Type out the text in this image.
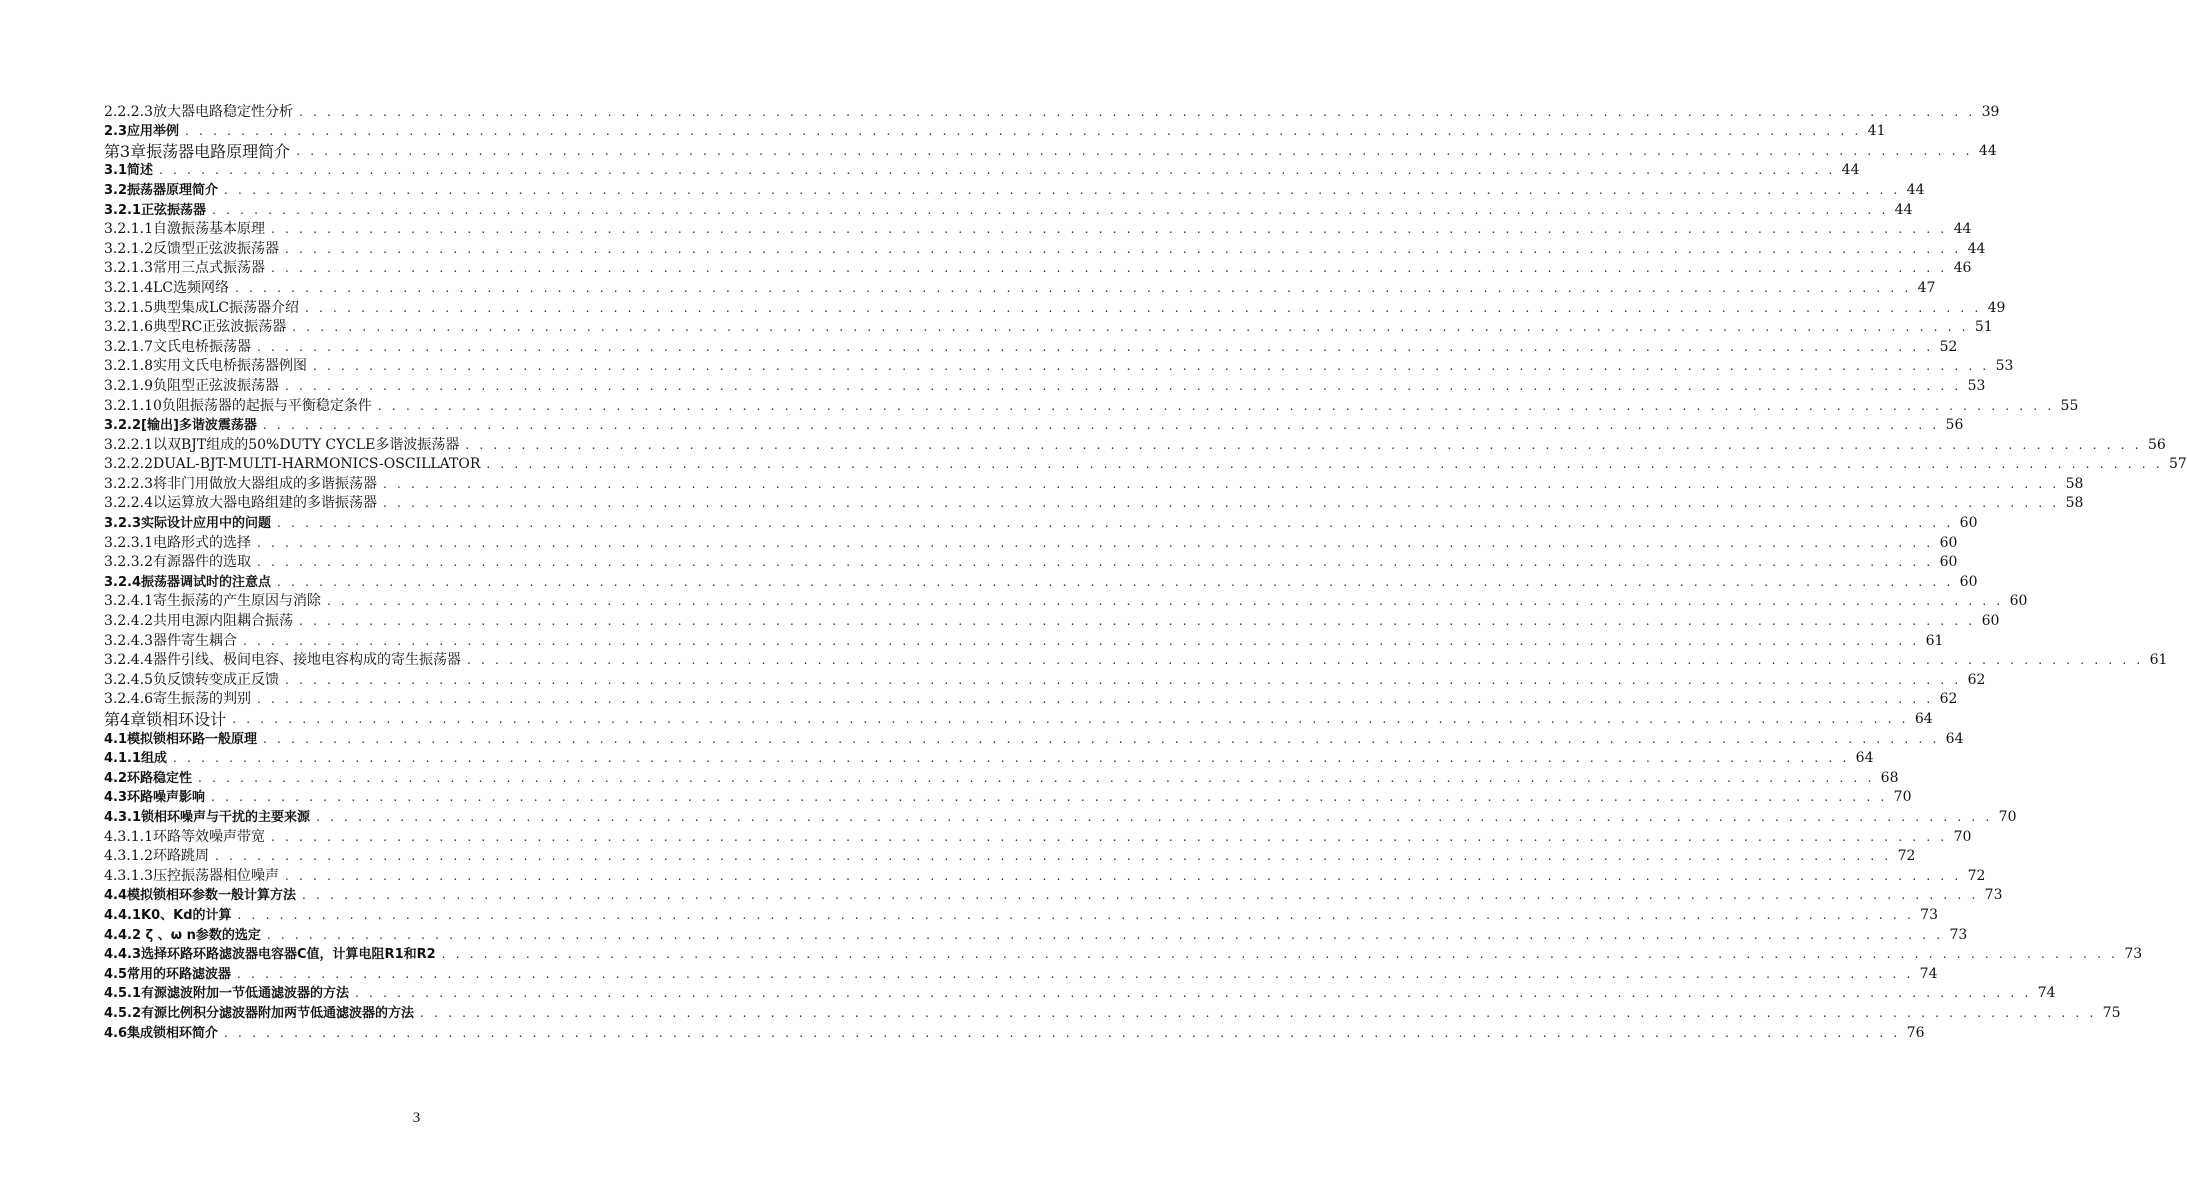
2.2.2.3放大器电路稳定性分析 . . . . . . . . . . . . . . . . . . . . . . . . . . . . . . . . . . . . . . . . . . . . . . . . . . . . . . . . . . . . . . . . . . . . . . . . . . . . . . . . . . . . . . . . . . . . . . . . . . . . . . . . . . . . . . . . . . . . . . . . 39
2.3应用举例 . . . . . . . . . . . . . . . . . . . . . . . . . . . . . . . . . . . . . . . . . . . . . . . . . . . . . . . . . . . . . . . . . . . . . . . . . . . . . . . . . . . . . . . . . . . . . . . . . . . . . . . . . . . . . . . . . . . . . . . . 41
第3章振荡器电路原理简介 . . . . . . . . . . . . . . . . . . . . . . . . . . . . . . . . . . . . . . . . . . . . . . . . . . . . . . . . . . . . . . . . . . . . . . . . . . . . . . . . . . . . . . . . . . . . . . . . . . . . . . . . . . . . . . . . . . . . . . . . 44
3.1简述 . . . . . . . . . . . . . . . . . . . . . . . . . . . . . . . . . . . . . . . . . . . . . . . . . . . . . . . . . . . . . . . . . . . . . . . . . . . . . . . . . . . . . . . . . . . . . . . . . . . . . . . . . . . . . . . . . . . . . . . . 44
3.2振荡器原理简介 . . . . . . . . . . . . . . . . . . . . . . . . . . . . . . . . . . . . . . . . . . . . . . . . . . . . . . . . . . . . . . . . . . . . . . . . . . . . . . . . . . . . . . . . . . . . . . . . . . . . . . . . . . . . . . . . . . . . . . . . 44
3.2.1正弦振荡器 . . . . . . . . . . . . . . . . . . . . . . . . . . . . . . . . . . . . . . . . . . . . . . . . . . . . . . . . . . . . . . . . . . . . . . . . . . . . . . . . . . . . . . . . . . . . . . . . . . . . . . . . . . . . . . . . . . . . . . . . 44
3.2.1.1自激振荡基本原理 . . . . . . . . . . . . . . . . . . . . . . . . . . . . . . . . . . . . . . . . . . . . . . . . . . . . . . . . . . . . . . . . . . . . . . . . . . . . . . . . . . . . . . . . . . . . . . . . . . . . . . . . . . . . . . . . . . . . . . . . 44
3.2.1.2反馈型正弦波振荡器 . . . . . . . . . . . . . . . . . . . . . . . . . . . . . . . . . . . . . . . . . . . . . . . . . . . . . . . . . . . . . . . . . . . . . . . . . . . . . . . . . . . . . . . . . . . . . . . . . . . . . . . . . . . . . . . . . . . . . . . . 44
3.2.1.3常用三点式振荡器 . . . . . . . . . . . . . . . . . . . . . . . . . . . . . . . . . . . . . . . . . . . . . . . . . . . . . . . . . . . . . . . . . . . . . . . . . . . . . . . . . . . . . . . . . . . . . . . . . . . . . . . . . . . . . . . . . . . . . . . . 46
3.2.1.4LC选频网络 . . . . . . . . . . . . . . . . . . . . . . . . . . . . . . . . . . . . . . . . . . . . . . . . . . . . . . . . . . . . . . . . . . . . . . . . . . . . . . . . . . . . . . . . . . . . . . . . . . . . . . . . . . . . . . . . . . . . . . . . 47
3.2.1.5典型集成LC振荡器介绍 . . . . . . . . . . . . . . . . . . . . . . . . . . . . . . . . . . . . . . . . . . . . . . . . . . . . . . . . . . . . . . . . . . . . . . . . . . . . . . . . . . . . . . . . . . . . . . . . . . . . . . . . . . . . . . . . . . . . . . . . 49
3.2.1.6典型RC正弦波振荡器 . . . . . . . . . . . . . . . . . . . . . . . . . . . . . . . . . . . . . . . . . . . . . . . . . . . . . . . . . . . . . . . . . . . . . . . . . . . . . . . . . . . . . . . . . . . . . . . . . . . . . . . . . . . . . . . . . . . . . . . . 51
3.2.1.7文氏电桥振荡器 . . . . . . . . . . . . . . . . . . . . . . . . . . . . . . . . . . . . . . . . . . . . . . . . . . . . . . . . . . . . . . . . . . . . . . . . . . . . . . . . . . . . . . . . . . . . . . . . . . . . . . . . . . . . . . . . . . . . . . . . 52
3.2.1.8实用文氏电桥振荡器例图 . . . . . . . . . . . . . . . . . . . . . . . . . . . . . . . . . . . . . . . . . . . . . . . . . . . . . . . . . . . . . . . . . . . . . . . . . . . . . . . . . . . . . . . . . . . . . . . . . . . . . . . . . . . . . . . . . . . . . . . . 53
3.2.1.9负阻型正弦波振荡器 . . . . . . . . . . . . . . . . . . . . . . . . . . . . . . . . . . . . . . . . . . . . . . . . . . . . . . . . . . . . . . . . . . . . . . . . . . . . . . . . . . . . . . . . . . . . . . . . . . . . . . . . . . . . . . . . . . . . . . . . 53
3.2.1.10负阻振荡器的起振与平衡稳定条件 . . . . . . . . . . . . . . . . . . . . . . . . . . . . . . . . . . . . . . . . . . . . . . . . . . . . . . . . . . . . . . . . . . . . . . . . . . . . . . . . . . . . . . . . . . . . . . . . . . . . . . . . . . . . . . . . . . . . . . . . 55
3.2.2[输出]多谐波震荡器 . . . . . . . . . . . . . . . . . . . . . . . . . . . . . . . . . . . . . . . . . . . . . . . . . . . . . . . . . . . . . . . . . . . . . . . . . . . . . . . . . . . . . . . . . . . . . . . . . . . . . . . . . . . . . . . . . . . . . . . . 56
3.2.2.1以双BJT组成的50%DUTY CYCLE多谐波振荡器 . . . . . . . . . . . . . . . . . . . . . . . . . . . . . . . . . . . . . . . . . . . . . . . . . . . . . . . . . . . . . . . . . . . . . . . . . . . . . . . . . . . . . . . . . . . . . . . . . . . . . . . . . . . . . . . . . . . . . . . . 56
3.2.2.2DUAL-BJT-MULTI-HARMONICS-OSCILLATOR . . . . . . . . . . . . . . . . . . . . . . . . . . . . . . . . . . . . . . . . . . . . . . . . . . . . . . . . . . . . . . . . . . . . . . . . . . . . . . . . . . . . . . . . . . . . . . . . . . . . . . . . . . . . . . . . . . . . . . . . 57
3.2.2.3将非门用做放大器组成的多谐振荡器 . . . . . . . . . . . . . . . . . . . . . . . . . . . . . . . . . . . . . . . . . . . . . . . . . . . . . . . . . . . . . . . . . . . . . . . . . . . . . . . . . . . . . . . . . . . . . . . . . . . . . . . . . . . . . . . . . . . . . . . . 58
3.2.2.4以运算放大器电路组建的多谐振荡器 . . . . . . . . . . . . . . . . . . . . . . . . . . . . . . . . . . . . . . . . . . . . . . . . . . . . . . . . . . . . . . . . . . . . . . . . . . . . . . . . . . . . . . . . . . . . . . . . . . . . . . . . . . . . . . . . . . . . . . . . 58
3.2.3实际设计应用中的问题 . . . . . . . . . . . . . . . . . . . . . . . . . . . . . . . . . . . . . . . . . . . . . . . . . . . . . . . . . . . . . . . . . . . . . . . . . . . . . . . . . . . . . . . . . . . . . . . . . . . . . . . . . . . . . . . . . . . . . . . . 60
3.2.3.1电路形式的选择 . . . . . . . . . . . . . . . . . . . . . . . . . . . . . . . . . . . . . . . . . . . . . . . . . . . . . . . . . . . . . . . . . . . . . . . . . . . . . . . . . . . . . . . . . . . . . . . . . . . . . . . . . . . . . . . . . . . . . . . . 60
3.2.3.2有源器件的选取 . . . . . . . . . . . . . . . . . . . . . . . . . . . . . . . . . . . . . . . . . . . . . . . . . . . . . . . . . . . . . . . . . . . . . . . . . . . . . . . . . . . . . . . . . . . . . . . . . . . . . . . . . . . . . . . . . . . . . . . . 60
3.2.4振荡器调试时的注意点 . . . . . . . . . . . . . . . . . . . . . . . . . . . . . . . . . . . . . . . . . . . . . . . . . . . . . . . . . . . . . . . . . . . . . . . . . . . . . . . . . . . . . . . . . . . . . . . . . . . . . . . . . . . . . . . . . . . . . . . . 60
3.2.4.1寄生振荡的产生原因与消除 . . . . . . . . . . . . . . . . . . . . . . . . . . . . . . . . . . . . . . . . . . . . . . . . . . . . . . . . . . . . . . . . . . . . . . . . . . . . . . . . . . . . . . . . . . . . . . . . . . . . . . . . . . . . . . . . . . . . . . . . 60
3.2.4.2共用电源内阻耦合振荡 . . . . . . . . . . . . . . . . . . . . . . . . . . . . . . . . . . . . . . . . . . . . . . . . . . . . . . . . . . . . . . . . . . . . . . . . . . . . . . . . . . . . . . . . . . . . . . . . . . . . . . . . . . . . . . . . . . . . . . . . 60
3.2.4.3器件寄生耦合 . . . . . . . . . . . . . . . . . . . . . . . . . . . . . . . . . . . . . . . . . . . . . . . . . . . . . . . . . . . . . . . . . . . . . . . . . . . . . . . . . . . . . . . . . . . . . . . . . . . . . . . . . . . . . . . . . . . . . . . . 61
3.2.4.4器件引线、极间电容、接地电容构成的寄生振荡器 . . . . . . . . . . . . . . . . . . . . . . . . . . . . . . . . . . . . . . . . . . . . . . . . . . . . . . . . . . . . . . . . . . . . . . . . . . . . . . . . . . . . . . . . . . . . . . . . . . . . . . . . . . . . . . . . . . . . . . . . 61
3.2.4.5负反馈转变成正反馈 . . . . . . . . . . . . . . . . . . . . . . . . . . . . . . . . . . . . . . . . . . . . . . . . . . . . . . . . . . . . . . . . . . . . . . . . . . . . . . . . . . . . . . . . . . . . . . . . . . . . . . . . . . . . . . . . . . . . . . . . 62
3.2.4.6寄生振荡的判别 . . . . . . . . . . . . . . . . . . . . . . . . . . . . . . . . . . . . . . . . . . . . . . . . . . . . . . . . . . . . . . . . . . . . . . . . . . . . . . . . . . . . . . . . . . . . . . . . . . . . . . . . . . . . . . . . . . . . . . . . 62
第4章锁相环设计 . . . . . . . . . . . . . . . . . . . . . . . . . . . . . . . . . . . . . . . . . . . . . . . . . . . . . . . . . . . . . . . . . . . . . . . . . . . . . . . . . . . . . . . . . . . . . . . . . . . . . . . . . . . . . . . . . . . . . . . . 64
4.1模拟锁相环路一般原理 . . . . . . . . . . . . . . . . . . . . . . . . . . . . . . . . . . . . . . . . . . . . . . . . . . . . . . . . . . . . . . . . . . . . . . . . . . . . . . . . . . . . . . . . . . . . . . . . . . . . . . . . . . . . . . . . . . . . . . . . 64
4.1.1组成 . . . . . . . . . . . . . . . . . . . . . . . . . . . . . . . . . . . . . . . . . . . . . . . . . . . . . . . . . . . . . . . . . . . . . . . . . . . . . . . . . . . . . . . . . . . . . . . . . . . . . . . . . . . . . . . . . . . . . . . . 64
4.2环路稳定性 . . . . . . . . . . . . . . . . . . . . . . . . . . . . . . . . . . . . . . . . . . . . . . . . . . . . . . . . . . . . . . . . . . . . . . . . . . . . . . . . . . . . . . . . . . . . . . . . . . . . . . . . . . . . . . . . . . . . . . . . 68
4.3环路噪声影响 . . . . . . . . . . . . . . . . . . . . . . . . . . . . . . . . . . . . . . . . . . . . . . . . . . . . . . . . . . . . . . . . . . . . . . . . . . . . . . . . . . . . . . . . . . . . . . . . . . . . . . . . . . . . . . . . . . . . . . . . 70
4.3.1锁相环噪声与干扰的主要来源 . . . . . . . . . . . . . . . . . . . . . . . . . . . . . . . . . . . . . . . . . . . . . . . . . . . . . . . . . . . . . . . . . . . . . . . . . . . . . . . . . . . . . . . . . . . . . . . . . . . . . . . . . . . . . . . . . . . . . . . . 70
4.3.1.1环路等效噪声带宽 . . . . . . . . . . . . . . . . . . . . . . . . . . . . . . . . . . . . . . . . . . . . . . . . . . . . . . . . . . . . . . . . . . . . . . . . . . . . . . . . . . . . . . . . . . . . . . . . . . . . . . . . . . . . . . . . . . . . . . . . 70
4.3.1.2环路跳周 . . . . . . . . . . . . . . . . . . . . . . . . . . . . . . . . . . . . . . . . . . . . . . . . . . . . . . . . . . . . . . . . . . . . . . . . . . . . . . . . . . . . . . . . . . . . . . . . . . . . . . . . . . . . . . . . . . . . . . . . 72
4.3.1.3压控振荡器相位噪声 . . . . . . . . . . . . . . . . . . . . . . . . . . . . . . . . . . . . . . . . . . . . . . . . . . . . . . . . . . . . . . . . . . . . . . . . . . . . . . . . . . . . . . . . . . . . . . . . . . . . . . . . . . . . . . . . . . . . . . . . 72
4.4模拟锁相环参数一般计算方法 . . . . . . . . . . . . . . . . . . . . . . . . . . . . . . . . . . . . . . . . . . . . . . . . . . . . . . . . . . . . . . . . . . . . . . . . . . . . . . . . . . . . . . . . . . . . . . . . . . . . . . . . . . . . . . . . . . . . . . . . 73
4.4.1K0、Kd的计算 . . . . . . . . . . . . . . . . . . . . . . . . . . . . . . . . . . . . . . . . . . . . . . . . . . . . . . . . . . . . . . . . . . . . . . . . . . . . . . . . . . . . . . . . . . . . . . . . . . . . . . . . . . . . . . . . . . . . . . . . 73
4.4.2 ζ 、ω n参数的选定 . . . . . . . . . . . . . . . . . . . . . . . . . . . . . . . . . . . . . . . . . . . . . . . . . . . . . . . . . . . . . . . . . . . . . . . . . . . . . . . . . . . . . . . . . . . . . . . . . . . . . . . . . . . . . . . . . . . . . . . . 73
4.4.3选择环路环路滤波器电容器C值，计算电阻R1和R2 . . . . . . . . . . . . . . . . . . . . . . . . . . . . . . . . . . . . . . . . . . . . . . . . . . . . . . . . . . . . . . . . . . . . . . . . . . . . . . . . . . . . . . . . . . . . . . . . . . . . . . . . . . . . . . . . . . . . . . . . 73
4.5常用的环路滤波器 . . . . . . . . . . . . . . . . . . . . . . . . . . . . . . . . . . . . . . . . . . . . . . . . . . . . . . . . . . . . . . . . . . . . . . . . . . . . . . . . . . . . . . . . . . . . . . . . . . . . . . . . . . . . . . . . . . . . . . . . 74
4.5.1有源滤波附加一节低通滤波器的方法 . . . . . . . . . . . . . . . . . . . . . . . . . . . . . . . . . . . . . . . . . . . . . . . . . . . . . . . . . . . . . . . . . . . . . . . . . . . . . . . . . . . . . . . . . . . . . . . . . . . . . . . . . . . . . . . . . . . . . . . . 74
4.5.2有源比例积分滤波器附加两节低通滤波器的方法 . . . . . . . . . . . . . . . . . . . . . . . . . . . . . . . . . . . . . . . . . . . . . . . . . . . . . . . . . . . . . . . . . . . . . . . . . . . . . . . . . . . . . . . . . . . . . . . . . . . . . . . . . . . . . . . . . . . . . . . . 75
4.6集成锁相环简介 . . . . . . . . . . . . . . . . . . . . . . . . . . . . . . . . . . . . . . . . . . . . . . . . . . . . . . . . . . . . . . . . . . . . . . . . . . . . . . . . . . . . . . . . . . . . . . . . . . . . . . . . . . . . . . . . . . . . . . . . 76
3
